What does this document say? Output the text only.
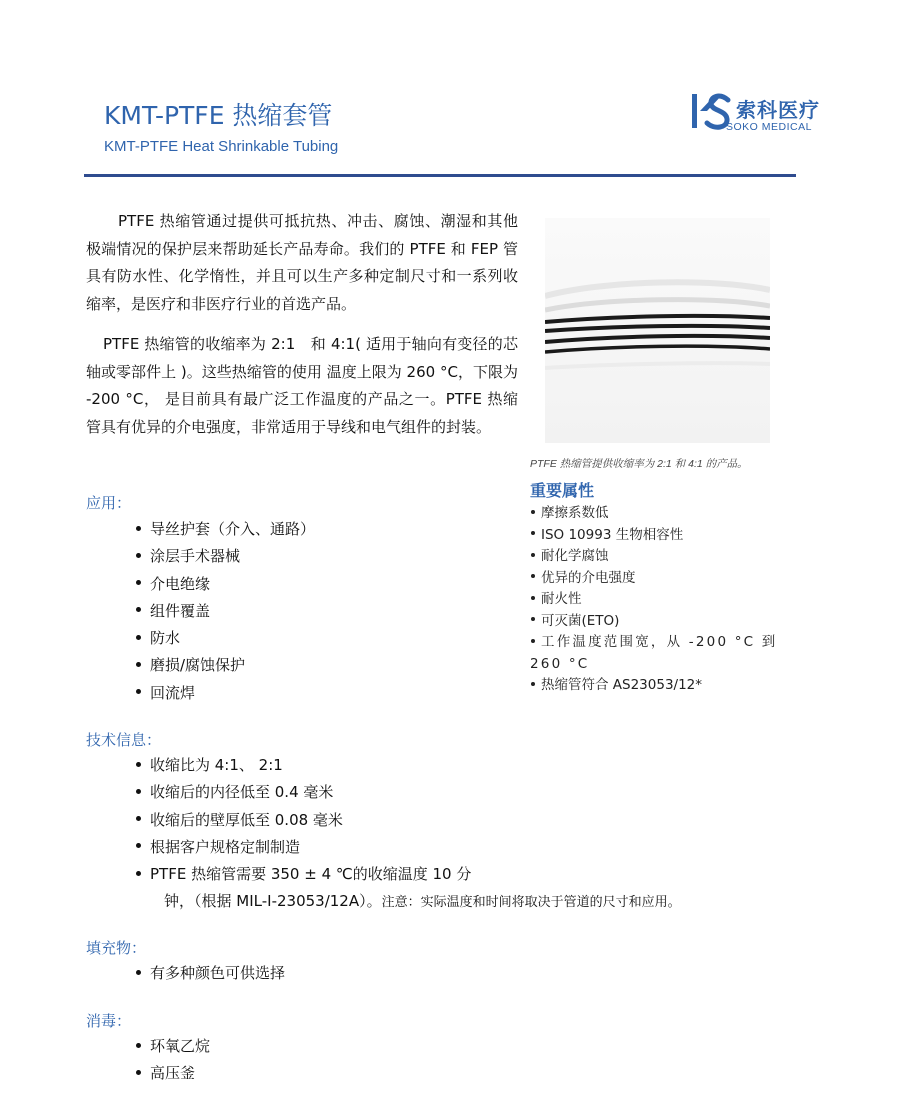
KMT-PTFE 热缩套管
KMT-PTFE Heat Shrinkable Tubing
索科医疗
SOKO MEDICAL

PTFE 热缩管通过提供可抵抗热、冲击、腐蚀、潮湿和其他极端情况的保护层来帮助延长产品寿命。我们的 PTFE 和 FEP 管具有防水性、化学惰性，并且可以生产多种定制尺寸和一系列收缩率，是医疗和非医疗行业的首选产品。

PTFE 热缩管的收缩率为 2:1　和 4:1( 适用于轴向有变径的芯轴或零部件上 )。这些热缩管的使用 温度上限为 260 °C，下限为 -200 °C， 是目前具有最广泛工作温度的产品之一。PTFE 热缩管具有优异的介电强度，非常适用于导线和电气组件的封装。

PTFE 热缩管提供收缩率为 2:1 和 4:1 的产品。
重要属性
摩擦系数低
ISO 10993 生物相容性
耐化学腐蚀
优异的介电强度
耐火性
可灭菌(ETO)
工作温度范围宽，从 -200 °C 到 260 °C
热缩管符合 AS23053/12*
应用：
导丝护套（介入、通路）
涂层手术器械
介电绝缘
组件覆盖
防水
磨损/腐蚀保护
回流焊
技术信息：
收缩比为 4:1、 2:1
收缩后的内径低至 0.4 毫米
收缩后的壁厚低至 0.08 毫米
根据客户规格定制制造
PTFE 热缩管需要 350 ± 4 ℃的收缩温度 10 分
钟，（根据 MIL-I-23053/12A）。注意：实际温度和时间将取决于管道的尺寸和应用。
填充物：
有多种颜色可供选择
消毒：
环氧乙烷
高压釜
